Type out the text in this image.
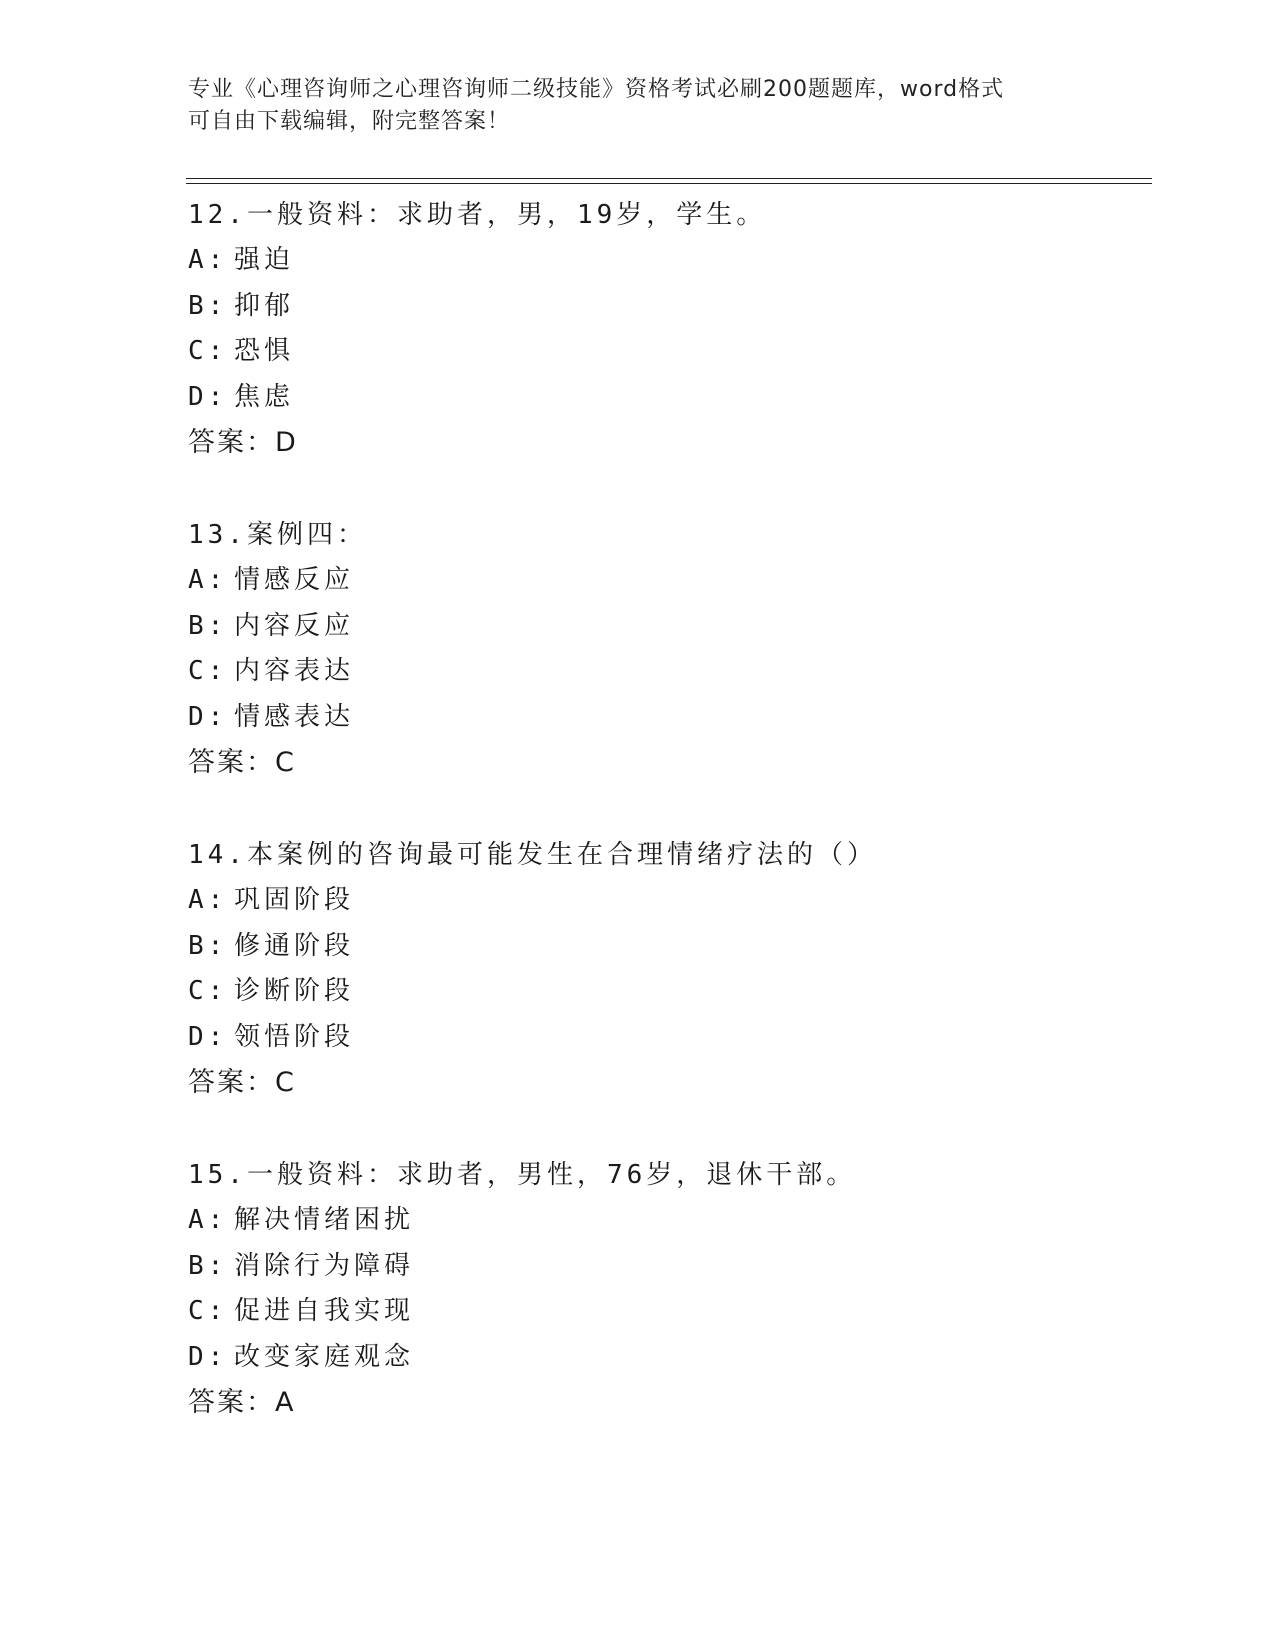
专业《心理咨询师之心理咨询师二级技能》资格考试必刷200题题库，word格式
可自由下载编辑，附完整答案！
12.一般资料：求助者，男，19岁，学生。
A: 强迫
B: 抑郁
C: 恐惧
D: 焦虑
答案：D
13.案例四：
A: 情感反应
B: 内容反应
C: 内容表达
D: 情感表达
答案：C
14.本案例的咨询最可能发生在合理情绪疗法的（）
A: 巩固阶段
B: 修通阶段
C: 诊断阶段
D: 领悟阶段
答案：C
15.一般资料：求助者，男性，76岁，退休干部。
A: 解决情绪困扰
B: 消除行为障碍
C: 促进自我实现
D: 改变家庭观念
答案：A
